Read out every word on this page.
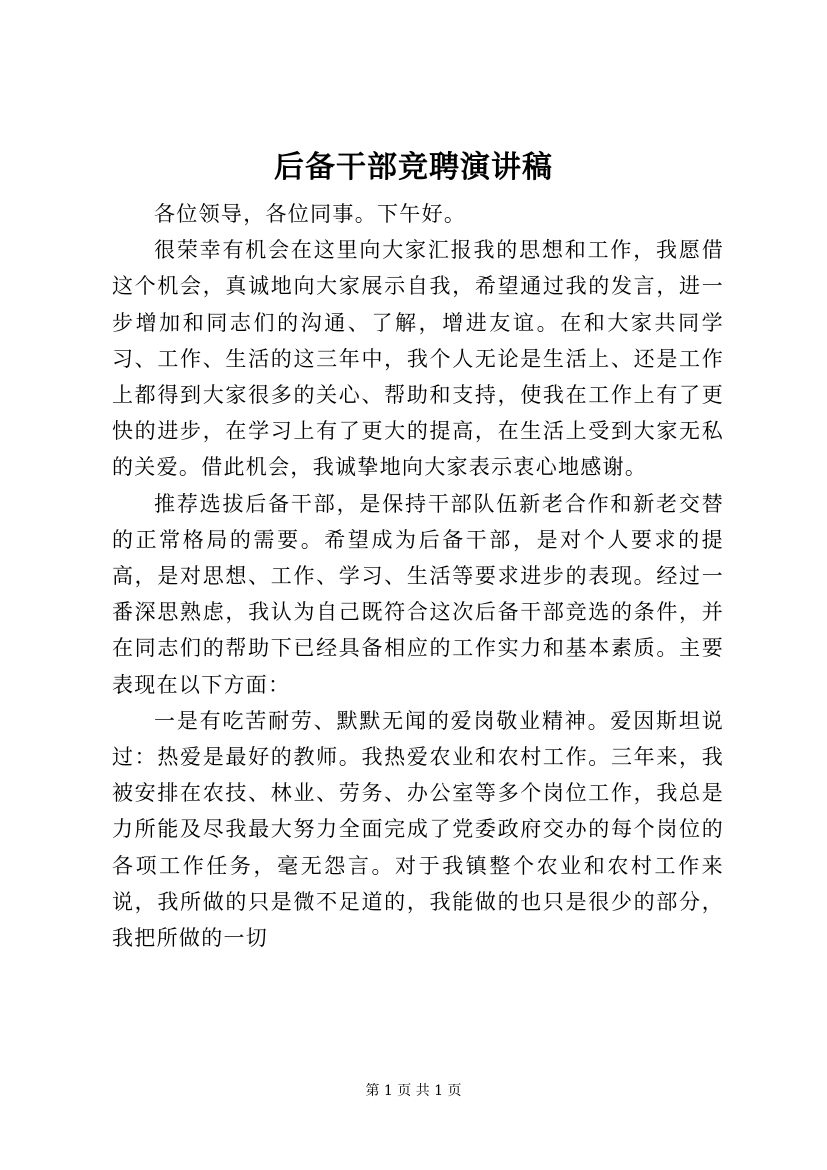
后备干部竞聘演讲稿

各位领导，各位同事。下午好。

很荣幸有机会在这里向大家汇报我的思想和工作，我愿借这个机会，真诚地向大家展示自我，希望通过我的发言，进一步增加和同志们的沟通、了解，增进友谊。在和大家共同学习、工作、生活的这三年中，我个人无论是生活上、还是工作上都得到大家很多的关心、帮助和支持，使我在工作上有了更快的进步，在学习上有了更大的提高，在生活上受到大家无私的关爱。借此机会，我诚挚地向大家表示衷心地感谢。

推荐选拔后备干部，是保持干部队伍新老合作和新老交替的正常格局的需要。希望成为后备干部，是对个人要求的提高，是对思想、工作、学习、生活等要求进步的表现。经过一番深思熟虑，我认为自己既符合这次后备干部竞选的条件，并在同志们的帮助下已经具备相应的工作实力和基本素质。主要表现在以下方面：

一是有吃苦耐劳、默默无闻的爱岗敬业精神。爱因斯坦说过：热爱是最好的教师。我热爱农业和农村工作。三年来，我被安排在农技、林业、劳务、办公室等多个岗位工作，我总是力所能及尽我最大努力全面完成了党委政府交办的每个岗位的各项工作任务，毫无怨言。对于我镇整个农业和农村工作来说，我所做的只是微不足道的，我能做的也只是很少的部分，我把所做的一切

第 1 页 共 1 页
